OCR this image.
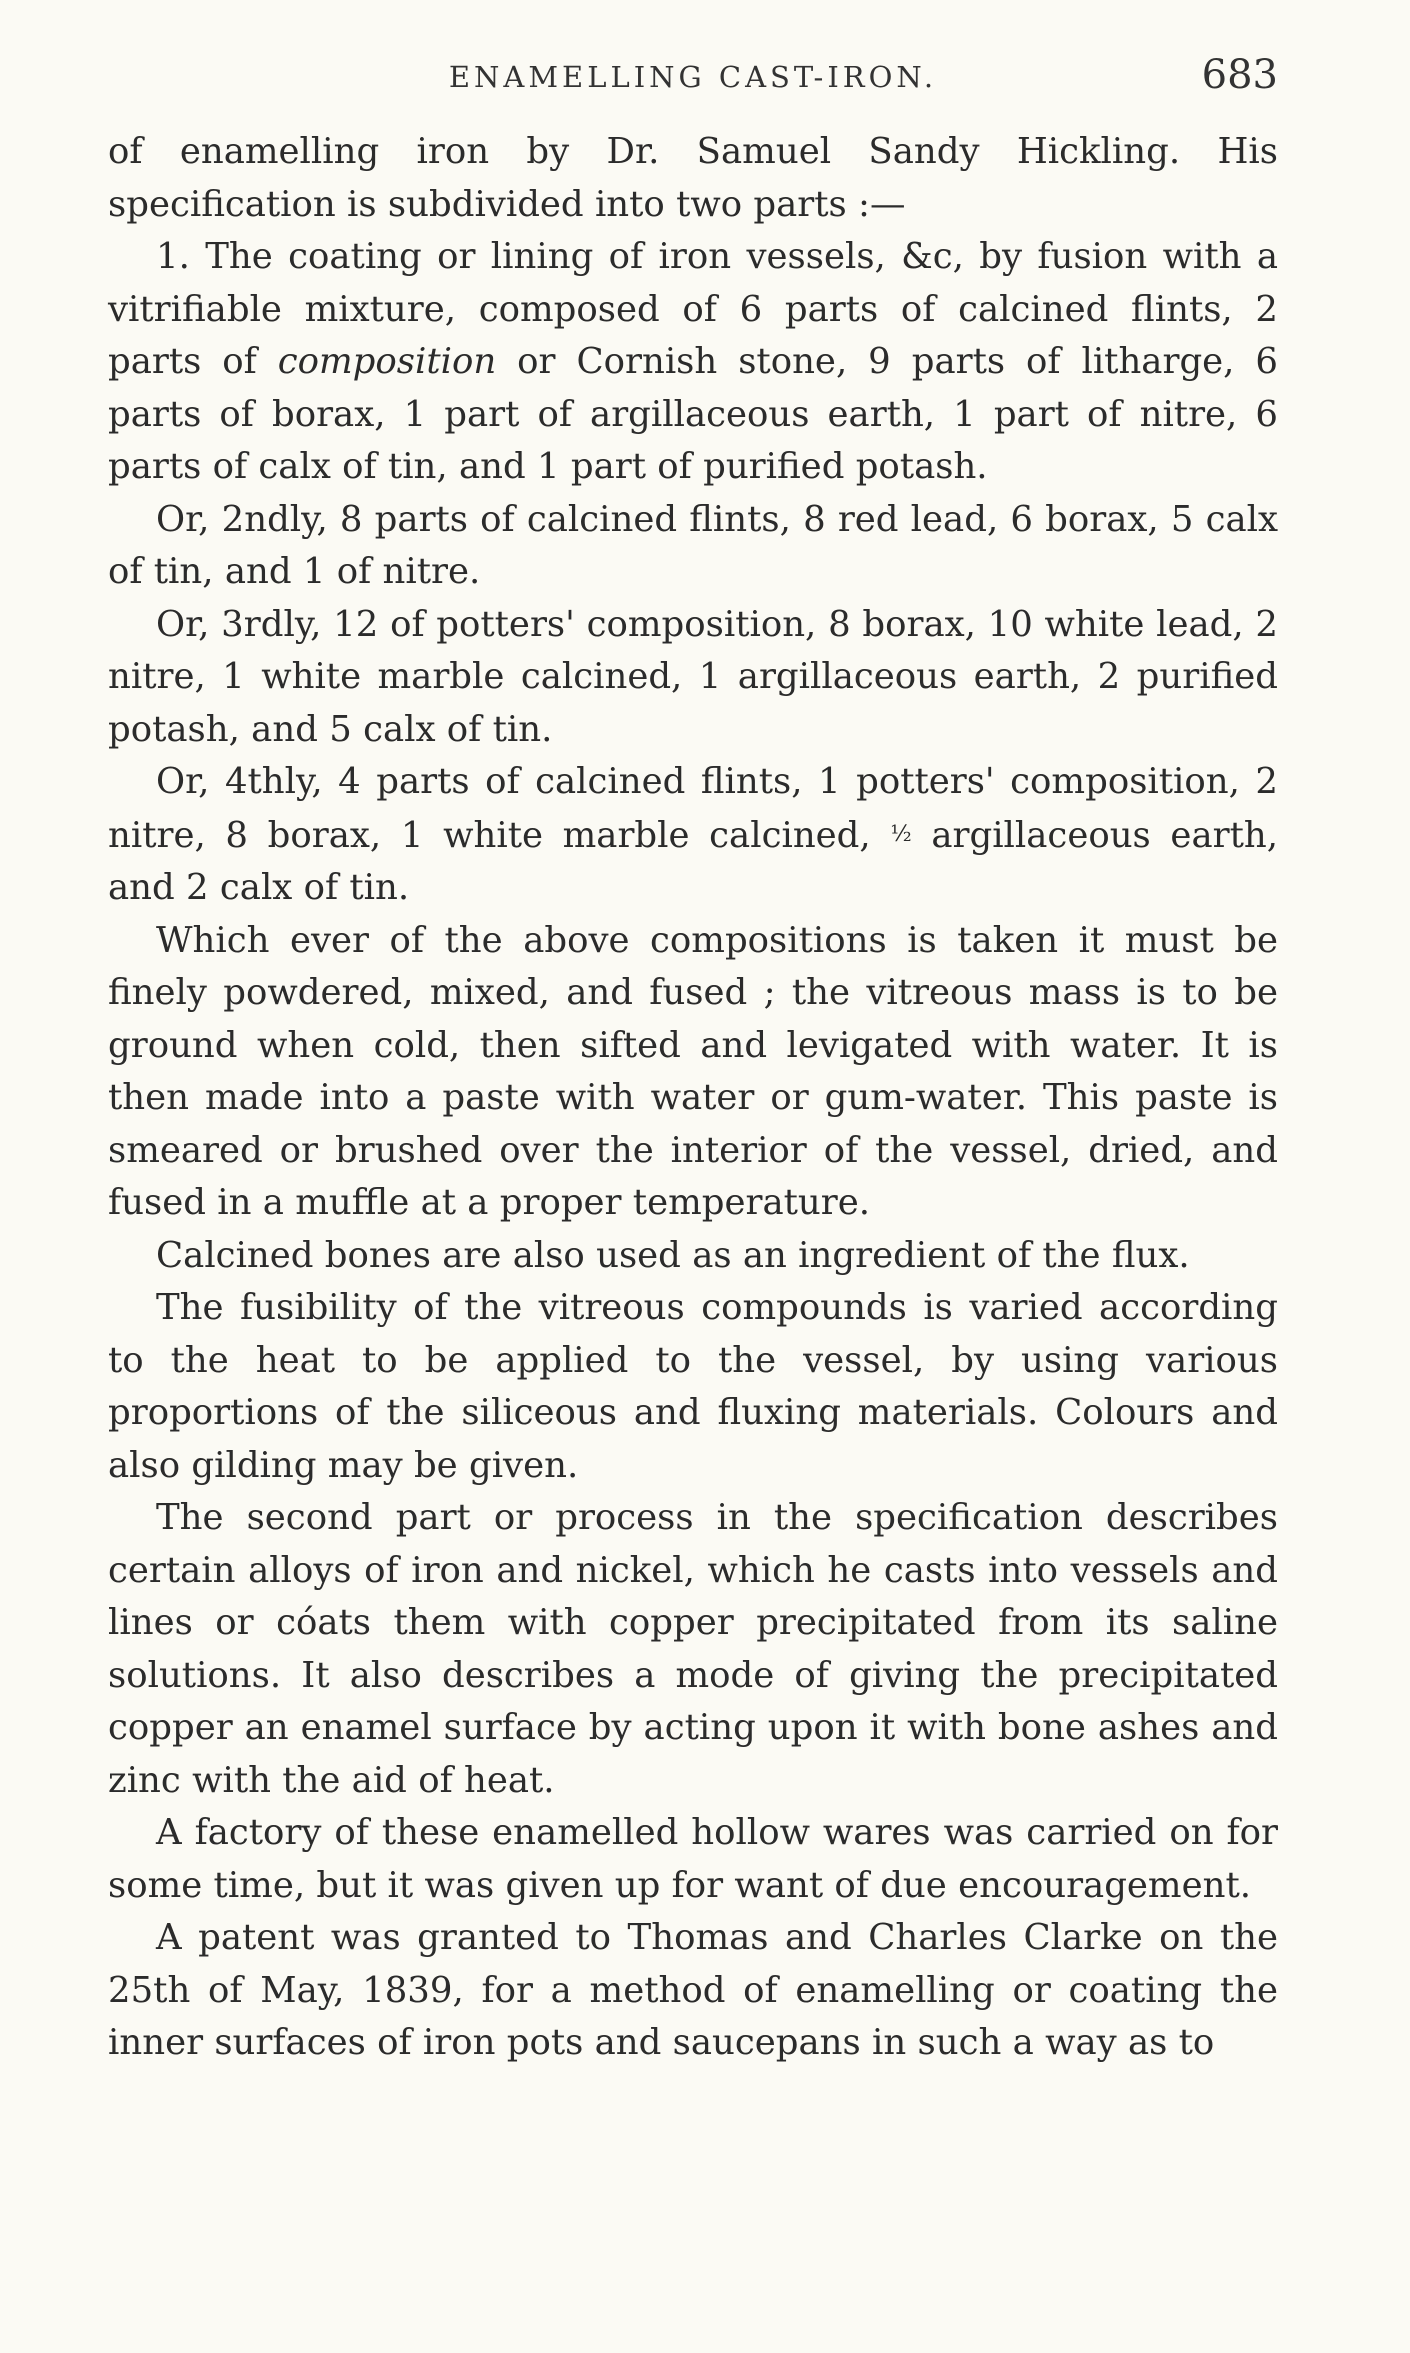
ENAMELLING CAST-IRON.	683

of enamelling iron by Dr. Samuel Sandy Hickling. His specification is subdivided into two parts :—

1. The coating or lining of iron vessels, &c, by fusion with a vitrifiable mixture, composed of 6 parts of calcined flints, 2 parts of composition or Cornish stone, 9 parts of litharge, 6 parts of borax, 1 part of argillaceous earth, 1 part of nitre, 6 parts of calx of tin, and 1 part of purified potash.

Or, 2ndly, 8 parts of calcined flints, 8 red lead, 6 borax, 5 calx of tin, and 1 of nitre.

Or, 3rdly, 12 of potters' composition, 8 borax, 10 white lead, 2 nitre, 1 white marble calcined, 1 argillaceous earth, 2 purified potash, and 5 calx of tin.

Or, 4thly, 4 parts of calcined flints, 1 potters' composition, 2 nitre, 8 borax, 1 white marble calcined, ½ argillaceous earth, and 2 calx of tin.

Which ever of the above compositions is taken it must be finely powdered, mixed, and fused ; the vitreous mass is to be ground when cold, then sifted and levigated with water. It is then made into a paste with water or gum-water. This paste is smeared or brushed over the interior of the vessel, dried, and fused in a muffle at a proper temperature.

Calcined bones are also used as an ingredient of the flux.

The fusibility of the vitreous compounds is varied according to the heat to be applied to the vessel, by using various proportions of the siliceous and fluxing materials. Colours and also gilding may be given.

The second part or process in the specification describes certain alloys of iron and nickel, which he casts into vessels and lines or cóats them with copper precipitated from its saline solutions. It also describes a mode of giving the precipitated copper an enamel surface by acting upon it with bone ashes and zinc with the aid of heat.

A factory of these enamelled hollow wares was carried on for some time, but it was given up for want of due encouragement.

A patent was granted to Thomas and Charles Clarke on the 25th of May, 1839, for a method of enamelling or coating the inner surfaces of iron pots and saucepans in such a way as to
